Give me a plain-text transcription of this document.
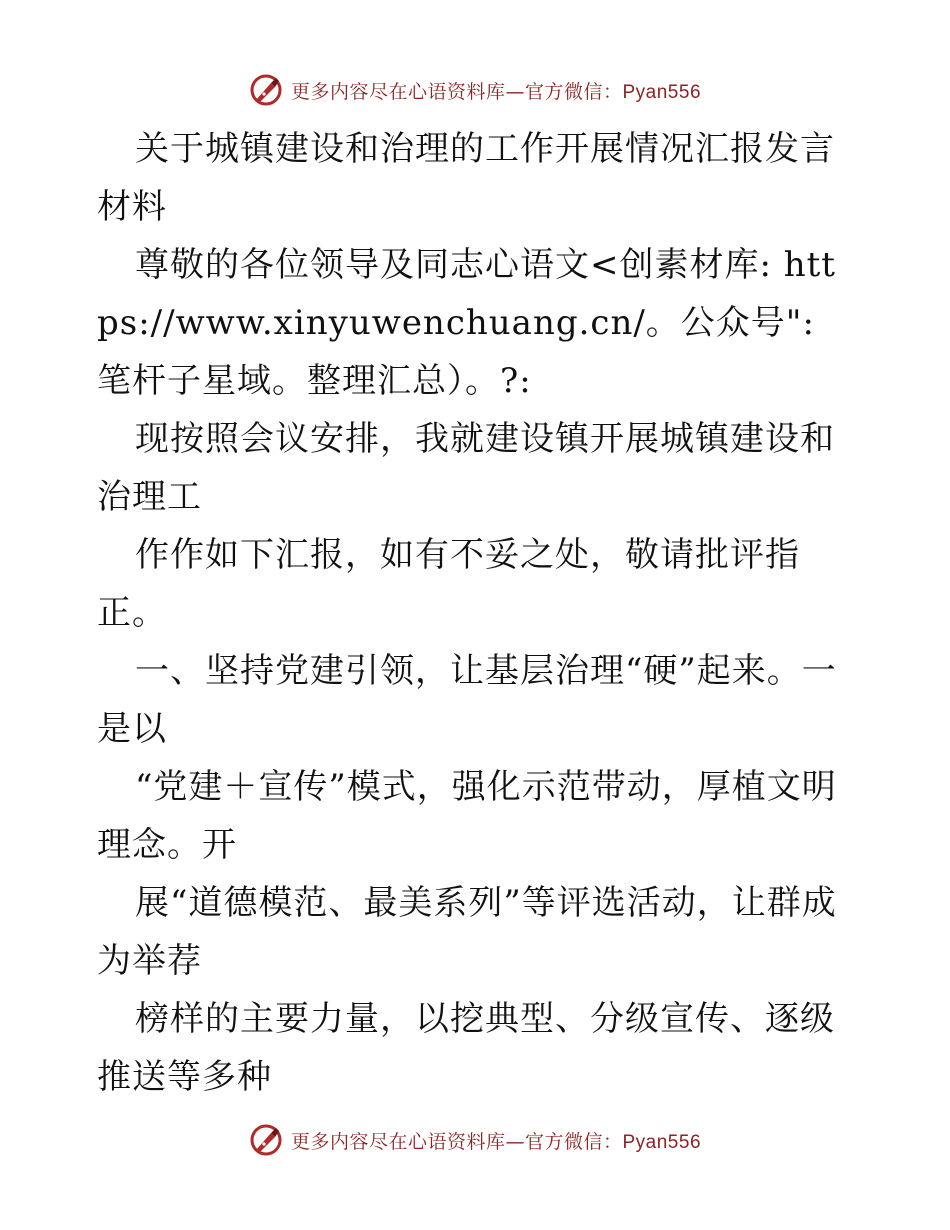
更多内容尽在心语资料库—官方微信：Pyan556

关于城镇建设和治理的工作开展情况汇报发言材料

尊敬的各位领导及同志心语文<创素材库: https://www.xinyuwenchuang.cn/。公众号": 笔杆子星域。整理汇总）。?:

现按照会议安排，我就建设镇开展城镇建设和治理工

作作如下汇报，如有不妥之处，敬请批评指正。

一、坚持党建引领，让基层治理“硬”起来。一是以

“党建＋宣传”模式，强化示范带动，厚植文明理念。开

展“道德模范、最美系列”等评选活动，让群成为举荐

榜样的主要力量，以挖典型、分级宣传、逐级推送等多种

更多内容尽在心语资料库—官方微信：Pyan556
